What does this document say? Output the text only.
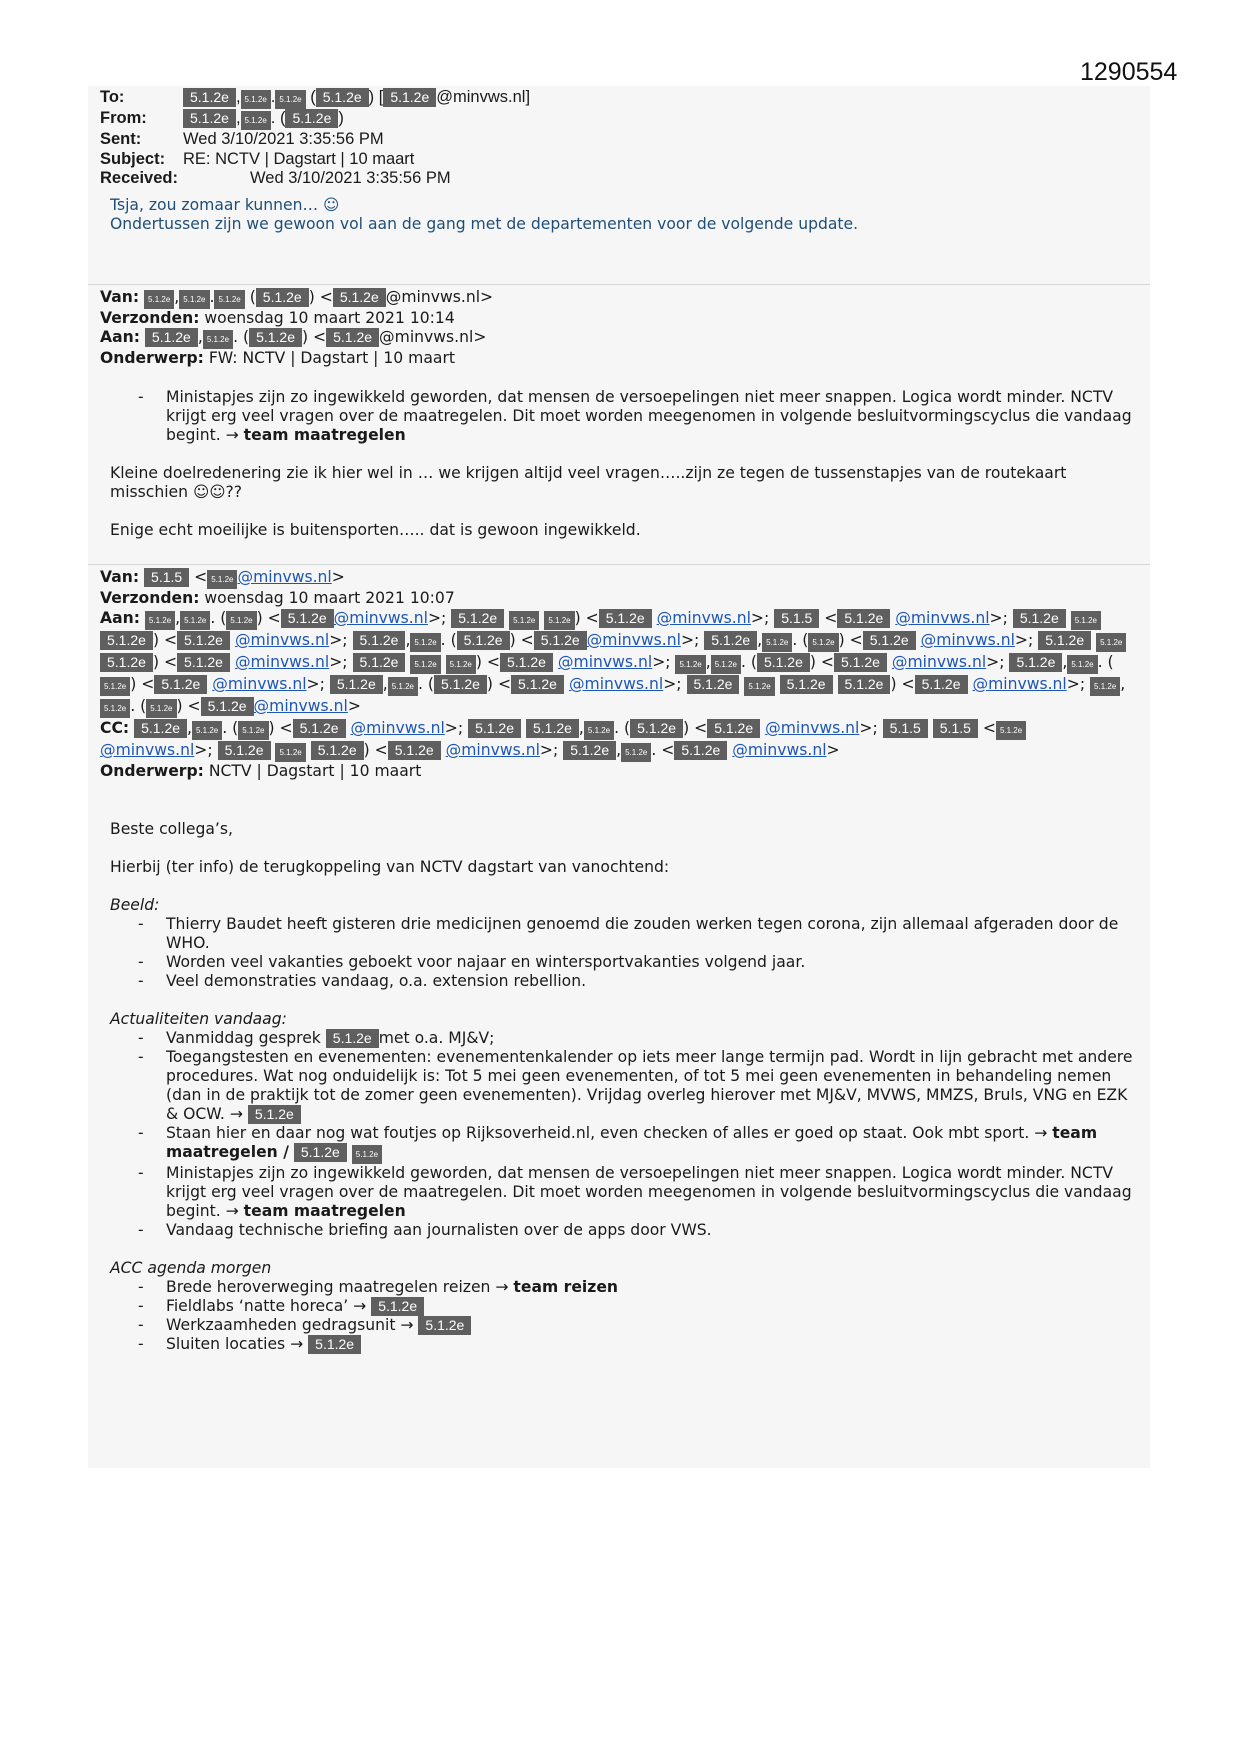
1290554
To:	5.1.2e , 5.1.2e . 5.1.2e ( 5.1.2e ) [ 5.1.2e @minvws.nl]
From:	5.1.2e , 5.1.2e . ( 5.1.2e )
Sent:	Wed 3/10/2021 3:35:56 PM
Subject:	RE: NCTV | Dagstart | 10 maart
Received:	Wed 3/10/2021 3:35:56 PM
Tsja, zou zomaar kunnen… ☺
Ondertussen zijn we gewoon vol aan de gang met de departementen voor de volgende update.
Van: 5.1.2e , 5.1.2e . 5.1.2e ( 5.1.2e ) < 5.1.2e @minvws.nl>
Verzonden: woensdag 10 maart 2021 10:14
Aan: 5.1.2e , 5.1.2e . ( 5.1.2e ) < 5.1.2e @minvws.nl>
Onderwerp: FW: NCTV | Dagstart | 10 maart
- Ministapjes zijn zo ingewikkeld geworden, dat mensen de versoepelingen niet meer snappen. Logica wordt minder. NCTV krijgt erg veel vragen over de maatregelen. Dit moet worden meegenomen in volgende besluitvormingscyclus die vandaag begint. → team maatregelen
Kleine doelredenering zie ik hier wel in … we krijgen altijd veel vragen…..zijn ze tegen de tussenstapjes van de routekaart misschien ☺☺??
Enige echt moeilijke is buitensporten….. dat is gewoon ingewikkeld.
Van: 5.1.5 < 5.1.2e @minvws.nl>
Verzonden: woensdag 10 maart 2021 10:07
Aan: 5.1.2e , 5.1.2e . ( 5.1.2e ) < 5.1.2e @minvws.nl>; 5.1.2e 5.1.2e 5.1.2e ) < 5.1.2e @minvws.nl>; 5.1.5 < 5.1.2e @minvws.nl>; 5.1.2e 5.1.2e 5.1.2e ) < 5.1.2e @minvws.nl>; 5.1.2e , 5.1.2e . ( 5.1.2e ) < 5.1.2e @minvws.nl>; 5.1.2e , 5.1.2e . ( 5.1.2e ) < 5.1.2e @minvws.nl>; 5.1.2e 5.1.2e 5.1.2e ) < 5.1.2e @minvws.nl>; 5.1.2e 5.1.2e 5.1.2e ) < 5.1.2e @minvws.nl>; 5.1.2e , 5.1.2e . ( 5.1.2e ) < 5.1.2e @minvws.nl>; 5.1.2e , 5.1.2e . (5.1.2e ) < 5.1.2e @minvws.nl>; 5.1.2e , 5.1.2e . ( 5.1.2e ) < 5.1.2e @minvws.nl>; 5.1.2e 5.1.2e 5.1.2e 5.1.2e ) < 5.1.2e @minvws.nl>; 5.1.2e ,5.1.2e . ( 5.1.2e ) < 5.1.2e @minvws.nl>
CC: 5.1.2e , 5.1.2e . ( 5.1.2e ) < 5.1.2e @minvws.nl>; 5.1.2e 5.1.2e , 5.1.2e . ( 5.1.2e ) < 5.1.2e @minvws.nl>; 5.1.5 5.1.5 < 5.1.2e@minvws.nl>; 5.1.2e 5.1.2e 5.1.2e ) < 5.1.2e @minvws.nl>; 5.1.2e , 5.1.2e . < 5.1.2e @minvws.nl>
Onderwerp: NCTV | Dagstart | 10 maart
Beste collega’s,
Hierbij (ter info) de terugkoppeling van NCTV dagstart van vanochtend:
Beeld:
- Thierry Baudet heeft gisteren drie medicijnen genoemd die zouden werken tegen corona, zijn allemaal afgeraden door de WHO.
- Worden veel vakanties geboekt voor najaar en wintersportvakanties volgend jaar.
- Veel demonstraties vandaag, o.a. extension rebellion.
Actualiteiten vandaag:
- Vanmiddag gesprek 5.1.2e met o.a. MJ&V;
- Toegangstesten en evenementen: evenementenkalender op iets meer lange termijn pad. Wordt in lijn gebracht met andere procedures. Wat nog onduidelijk is: Tot 5 mei geen evenementen, of tot 5 mei geen evenementen in behandeling nemen (dan in de praktijk tot de zomer geen evenementen). Vrijdag overleg hierover met MJ&V, MVWS, MMZS, Bruls, VNG en EZK & OCW. → 5.1.2e
- Staan hier en daar nog wat foutjes op Rijksoverheid.nl, even checken of alles er goed op staat. Ook mbt sport. → team maatregelen / 5.1.2e 5.1.2e
- Ministapjes zijn zo ingewikkeld geworden, dat mensen de versoepelingen niet meer snappen. Logica wordt minder. NCTV krijgt erg veel vragen over de maatregelen. Dit moet worden meegenomen in volgende besluitvormingscyclus die vandaag begint. → team maatregelen
- Vandaag technische briefing aan journalisten over de apps door VWS.
ACC agenda morgen
- Brede heroverweging maatregelen reizen → team reizen
- Fieldlabs ‘natte horeca’ → 5.1.2e
- Werkzaamheden gedragsunit → 5.1.2e
- Sluiten locaties → 5.1.2e
